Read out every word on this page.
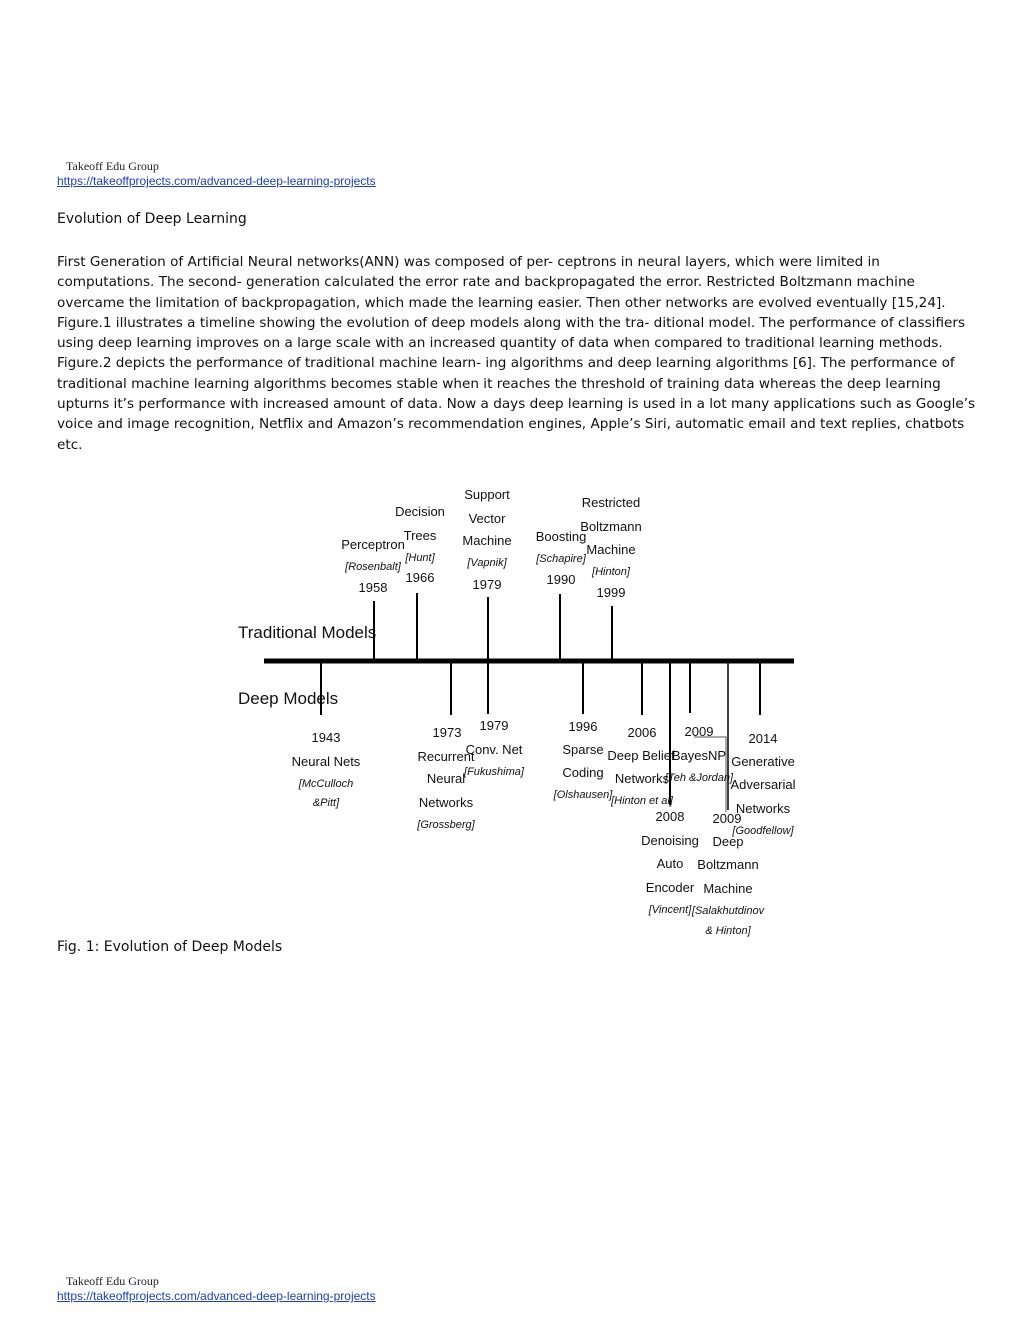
Takeoff Edu Group
https://takeoffprojects.com/advanced-deep-learning-projects
Evolution of Deep Learning

First Generation of Artificial Neural networks(ANN) was composed of per- ceptrons in neural layers, which were limited in computations. The second- generation calculated the error rate and backpropagated the error. Restricted Boltzmann machine overcame the limitation of backpropagation, which made the learning easier. Then other networks are evolved eventually [15,24]. Figure.1 illustrates a timeline showing the evolution of deep models along with the tra- ditional model. The performance of classifiers using deep learning improves on a large scale with an increased quantity of data when compared to traditional learning methods. Figure.2 depicts the performance of traditional machine learn- ing algorithms and deep learning algorithms [6]. The performance of traditional machine learning algorithms becomes stable when it reaches the threshold of training data whereas the deep learning upturns it’s performance with increased amount of data. Now a days deep learning is used in a lot many applications such as Google’s voice and image recognition, Netflix and Amazon’s recommendation engines, Apple’s Siri, automatic email and text replies, chatbots etc.

Traditional Models
Deep Models
Perceptron
[Rosenbalt]
1958
Decision
Trees
[Hunt]
1966
Support
Vector
Machine
[Vapnik]
1979
Boosting
[Schapire]
1990
Restricted
Boltzmann
Machine
[Hinton]
1999
1943
Neural Nets
[McCulloch
&Pitt]
1973
Recurrent
Neural
Networks
[Grossberg]
1979
Conv. Net
[Fukushima]
1996
Sparse
Coding
[Olshausen]
2006
Deep Belief
Networks
[Hinton et al]
2008
Denoising
Auto
Encoder
[Vincent]
2009
BayesNP
[Teh &Jordan]
2009
Deep
Boltzmann
Machine
[Salakhutdinov
& Hinton]
2014
Generative
Adversarial
Networks
[Goodfellow]
Fig. 1: Evolution of Deep Models
Takeoff Edu Group
https://takeoffprojects.com/advanced-deep-learning-projects
